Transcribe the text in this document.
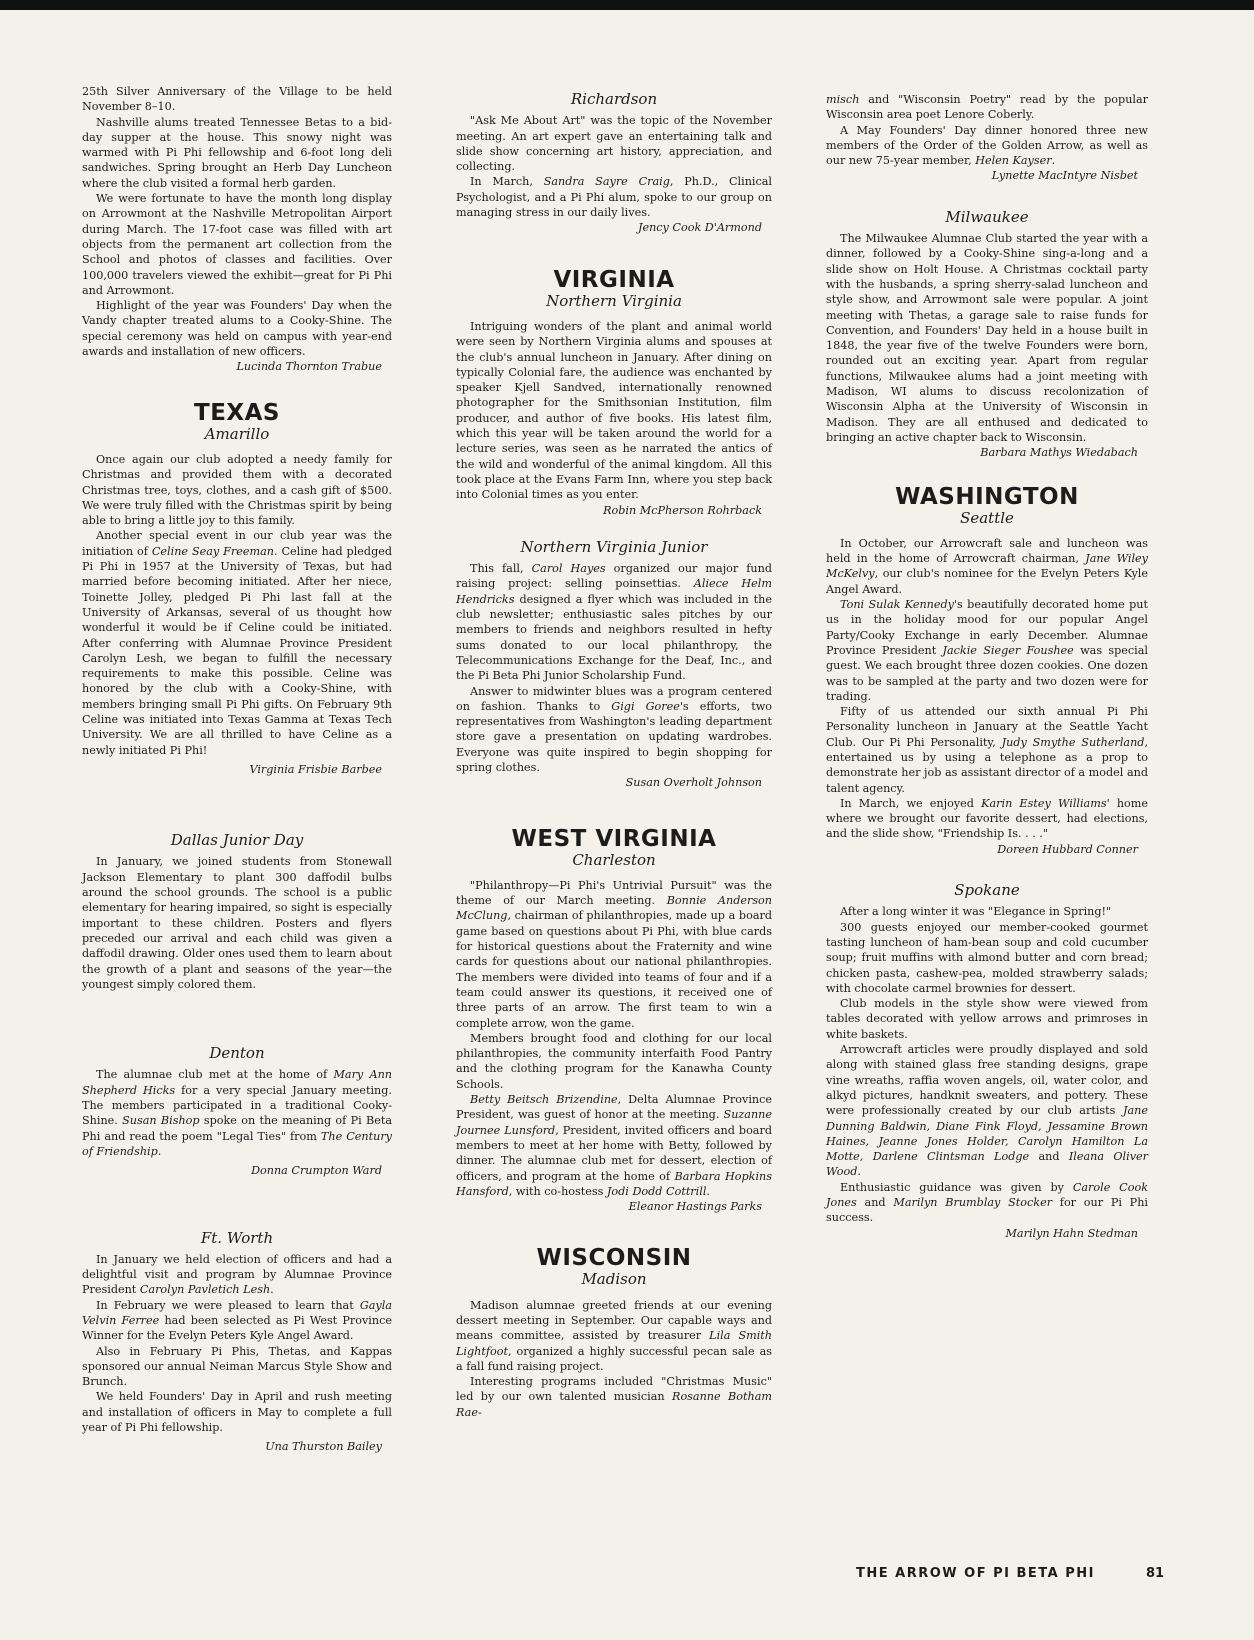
25th Silver Anniversary of the Village to be held November 8–10.

Nashville alums treated Tennessee Betas to a bid-day supper at the house. This snowy night was warmed with Pi Phi fellowship and 6-foot long deli sandwiches. Spring brought an Herb Day Luncheon where the club visited a formal herb garden.

We were fortunate to have the month long display on Arrowmont at the Nashville Metropolitan Airport during March. The 17-foot case was filled with art objects from the permanent art collection from the School and photos of classes and facilities. Over 100,000 travelers viewed the exhibit—great for Pi Phi and Arrowmont.

Highlight of the year was Founders' Day when the Vandy chapter treated alums to a Cooky-Shine. The special ceremony was held on campus with year-end awards and installation of new officers.

Lucinda Thornton Trabue
TEXAS
Amarillo

Once again our club adopted a needy family for Christmas and provided them with a decorated Christmas tree, toys, clothes, and a cash gift of $500. We were truly filled with the Christmas spirit by being able to bring a little joy to this family.

Another special event in our club year was the initiation of Celine Seay Freeman. Celine had pledged Pi Phi in 1957 at the University of Texas, but had married before becoming initiated. After her niece, Toinette Jolley, pledged Pi Phi last fall at the University of Arkansas, several of us thought how wonderful it would be if Celine could be initiated. After conferring with Alumnae Province President Carolyn Lesh, we began to fulfill the necessary requirements to make this possible. Celine was honored by the club with a Cooky-Shine, with members bringing small Pi Phi gifts. On February 9th Celine was initiated into Texas Gamma at Texas Tech University. We are all thrilled to have Celine as a newly initiated Pi Phi!

Virginia Frisbie Barbee
Dallas Junior Day

In January, we joined students from Stonewall Jackson Elementary to plant 300 daffodil bulbs around the school grounds. The school is a public elementary for hearing impaired, so sight is especially important to these children. Posters and flyers preceded our arrival and each child was given a daffodil drawing. Older ones used them to learn about the growth of a plant and seasons of the year—the youngest simply colored them.

Denton

The alumnae club met at the home of Mary Ann Shepherd Hicks for a very special January meeting. The members participated in a traditional Cooky-Shine. Susan Bishop spoke on the meaning of Pi Beta Phi and read the poem "Legal Ties" from The Century of Friendship.

Donna Crumpton Ward
Ft. Worth

In January we held election of officers and had a delightful visit and program by Alumnae Province President Carolyn Pavletich Lesh.

In February we were pleased to learn that Gayla Velvin Ferree had been selected as Pi West Province Winner for the Evelyn Peters Kyle Angel Award.

Also in February Pi Phis, Thetas, and Kappas sponsored our annual Neiman Marcus Style Show and Brunch.

We held Founders' Day in April and rush meeting and installation of officers in May to complete a full year of Pi Phi fellowship.

Una Thurston Bailey
Richardson

"Ask Me About Art" was the topic of the November meeting. An art expert gave an entertaining talk and slide show concerning art history, appreciation, and collecting.

In March, Sandra Sayre Craig, Ph.D., Clinical Psychologist, and a Pi Phi alum, spoke to our group on managing stress in our daily lives.

Jency Cook D'Armond
VIRGINIA
Northern Virginia

Intriguing wonders of the plant and animal world were seen by Northern Virginia alums and spouses at the club's annual luncheon in January. After dining on typically Colonial fare, the audience was enchanted by speaker Kjell Sandved, internationally renowned photographer for the Smithsonian Institution, film producer, and author of five books. His latest film, which this year will be taken around the world for a lecture series, was seen as he narrated the antics of the wild and wonderful of the animal kingdom. All this took place at the Evans Farm Inn, where you step back into Colonial times as you enter.

Robin McPherson Rohrback
Northern Virginia Junior

This fall, Carol Hayes organized our major fund raising project: selling poinsettias. Aliece Helm Hendricks designed a flyer which was included in the club newsletter; enthusiastic sales pitches by our members to friends and neighbors resulted in hefty sums donated to our local philanthropy, the Telecommunications Exchange for the Deaf, Inc., and the Pi Beta Phi Junior Scholarship Fund.

Answer to midwinter blues was a program centered on fashion. Thanks to Gigi Goree's efforts, two representatives from Washington's leading department store gave a presentation on updating wardrobes. Everyone was quite inspired to begin shopping for spring clothes.

Susan Overholt Johnson
WEST VIRGINIA
Charleston

"Philanthropy—Pi Phi's Untrivial Pursuit" was the theme of our March meeting. Bonnie Anderson McClung, chairman of philanthropies, made up a board game based on questions about Pi Phi, with blue cards for historical questions about the Fraternity and wine cards for questions about our national philanthropies. The members were divided into teams of four and if a team could answer its questions, it received one of three parts of an arrow. The first team to win a complete arrow, won the game.

Members brought food and clothing for our local philanthropies, the community interfaith Food Pantry and the clothing program for the Kanawha County Schools.

Betty Beitsch Brizendine, Delta Alumnae Province President, was guest of honor at the meeting. Suzanne Journee Lunsford, President, invited officers and board members to meet at her home with Betty, followed by dinner. The alumnae club met for dessert, election of officers, and program at the home of Barbara Hopkins Hansford, with co-hostess Jodi Dodd Cottrill.

Eleanor Hastings Parks
WISCONSIN
Madison

Madison alumnae greeted friends at our evening dessert meeting in September. Our capable ways and means committee, assisted by treasurer Lila Smith Lightfoot, organized a highly successful pecan sale as a fall fund raising project.

Interesting programs included "Christmas Music" led by our own talented musician Rosanne Botham Rae-

misch and "Wisconsin Poetry" read by the popular Wisconsin area poet Lenore Coberly.

A May Founders' Day dinner honored three new members of the Order of the Golden Arrow, as well as our new 75-year member, Helen Kayser.

Lynette MacIntyre Nisbet
Milwaukee

The Milwaukee Alumnae Club started the year with a dinner, followed by a Cooky-Shine sing-a-long and a slide show on Holt House. A Christmas cocktail party with the husbands, a spring sherry-salad luncheon and style show, and Arrowmont sale were popular. A joint meeting with Thetas, a garage sale to raise funds for Convention, and Founders' Day held in a house built in 1848, the year five of the twelve Founders were born, rounded out an exciting year. Apart from regular functions, Milwaukee alums had a joint meeting with Madison, WI alums to discuss recolonization of Wisconsin Alpha at the University of Wisconsin in Madison. They are all enthused and dedicated to bringing an active chapter back to Wisconsin.

Barbara Mathys Wiedabach
WASHINGTON
Seattle

In October, our Arrowcraft sale and luncheon was held in the home of Arrowcraft chairman, Jane Wiley McKelvy, our club's nominee for the Evelyn Peters Kyle Angel Award.

Toni Sulak Kennedy's beautifully decorated home put us in the holiday mood for our popular Angel Party/Cooky Exchange in early December. Alumnae Province President Jackie Sieger Foushee was special guest. We each brought three dozen cookies. One dozen was to be sampled at the party and two dozen were for trading.

Fifty of us attended our sixth annual Pi Phi Personality luncheon in January at the Seattle Yacht Club. Our Pi Phi Personality, Judy Smythe Sutherland, entertained us by using a telephone as a prop to demonstrate her job as assistant director of a model and talent agency.

In March, we enjoyed Karin Estey Williams' home where we brought our favorite dessert, had elections, and the slide show, "Friendship Is. . . ."

Doreen Hubbard Conner
Spokane

After a long winter it was "Elegance in Spring!"

300 guests enjoyed our member-cooked gourmet tasting luncheon of ham-bean soup and cold cucumber soup; fruit muffins with almond butter and corn bread; chicken pasta, cashew-pea, molded strawberry salads; with chocolate carmel brownies for dessert.

Club models in the style show were viewed from tables decorated with yellow arrows and primroses in white baskets.

Arrowcraft articles were proudly displayed and sold along with stained glass free standing designs, grape vine wreaths, raffia woven angels, oil, water color, and alkyd pictures, handknit sweaters, and pottery. These were professionally created by our club artists Jane Dunning Baldwin, Diane Fink Floyd, Jessamine Brown Haines, Jeanne Jones Holder, Carolyn Hamilton La Motte, Darlene Clintsman Lodge and Ileana Oliver Wood.

Enthusiastic guidance was given by Carole Cook Jones and Marilyn Brumblay Stocker for our Pi Phi success.

Marilyn Hahn Stedman
THE ARROW OF PI BETA PHI	81
